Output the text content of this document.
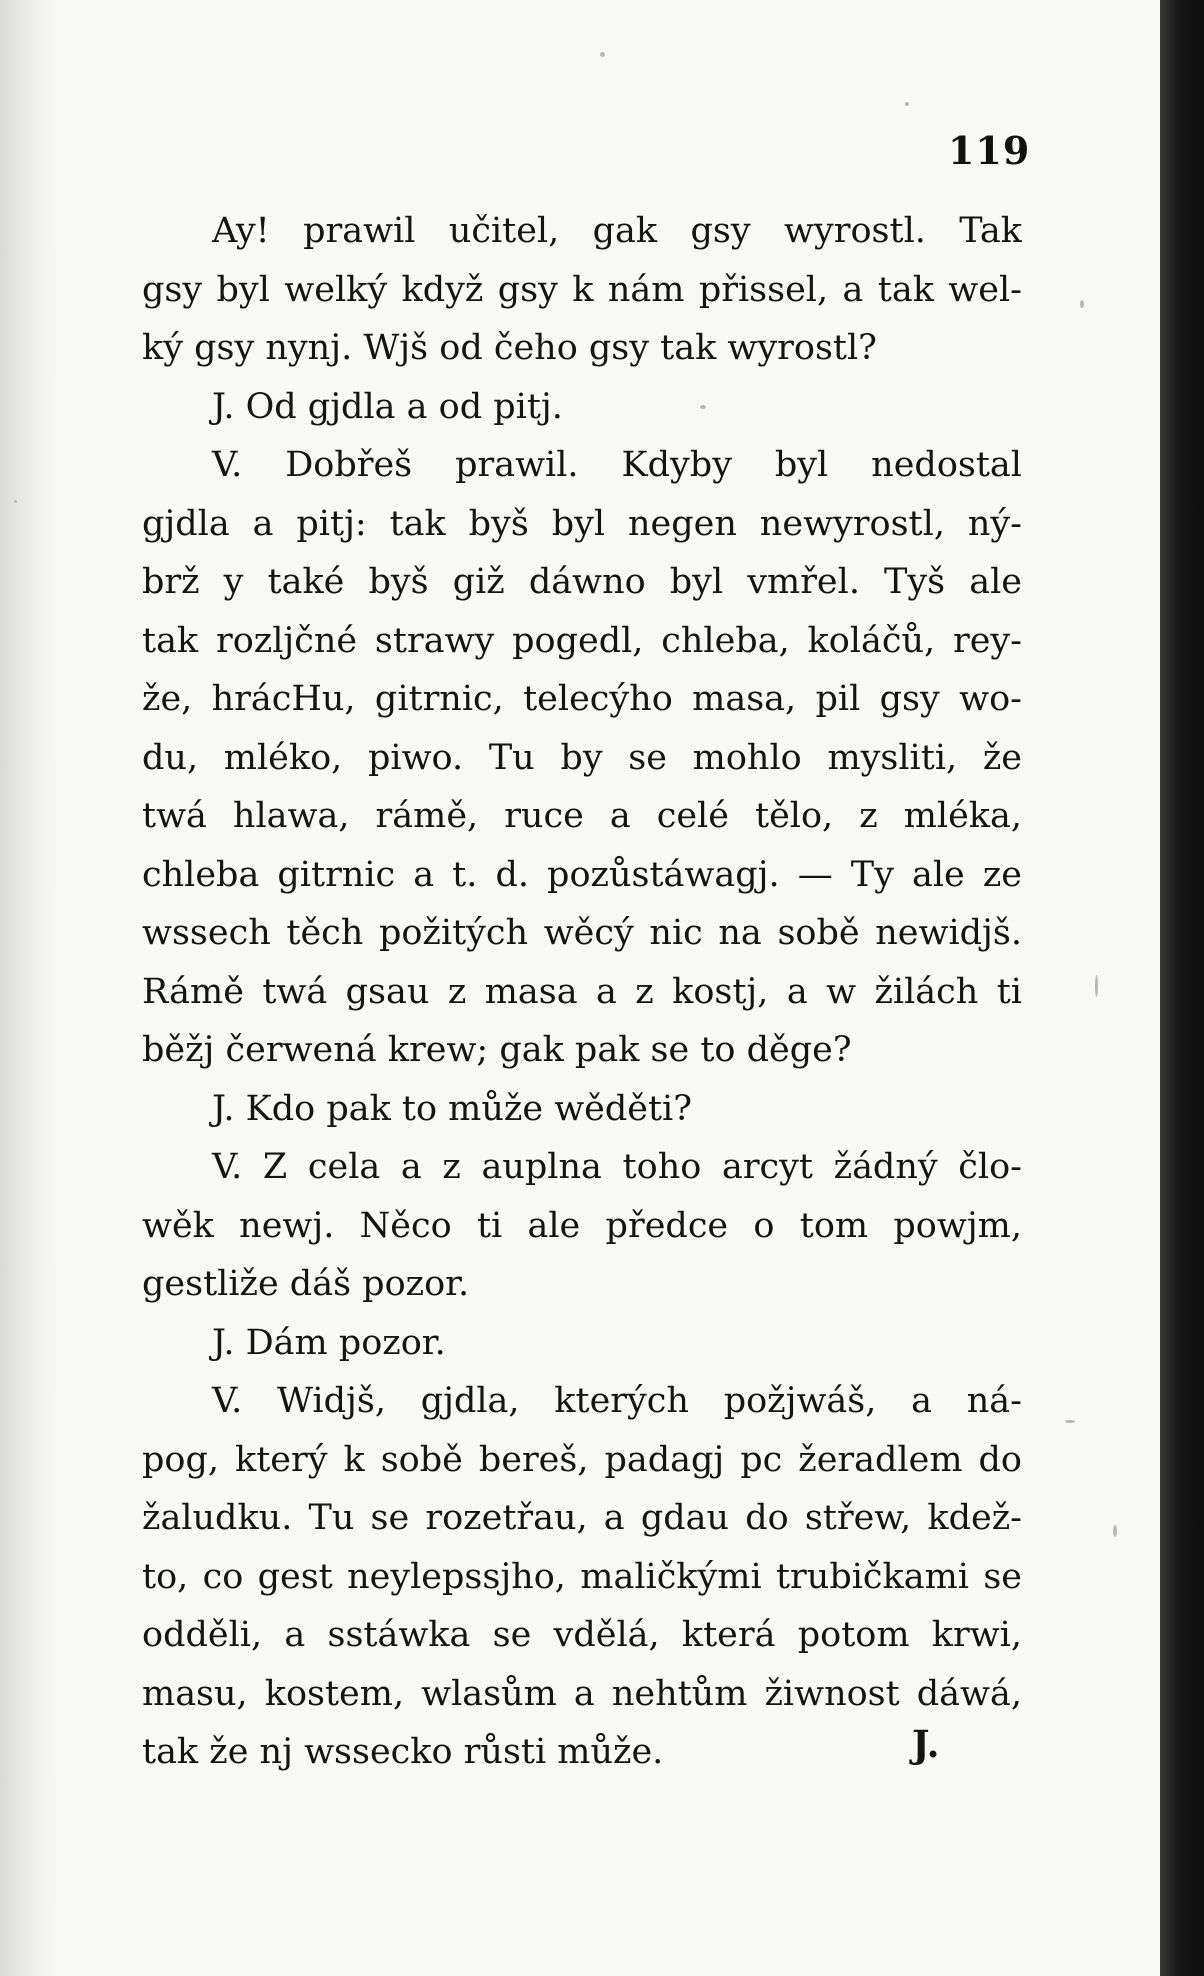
119
Ay! prawil učitel, gak gsy wyrostl. Tak
gsy byl welký když gsy k nám přissel, a tak wel-
ký gsy nynj. Wjš od čeho gsy tak wyrostl?
J. Od gjdla a od pitj.
V. Dobřeš prawil. Kdyby byl nedostal
gjdla a pitj: tak byš byl negen newyrostl, ný-
brž y také byš giž dáwno byl vmřel. Tyš ale
tak rozljčné strawy pogedl, chleba, koláčů, rey-
že, hrácHu, gitrnic, telecýho masa, pil gsy wo-
du, mléko, piwo. Tu by se mohlo mysliti, že
twá hlawa, rámě, ruce a celé tělo, z mléka,
chleba gitrnic a t. d. pozůstáwagj. — Ty ale ze
wssech těch požitých wěcý nic na sobě newidjš.
Rámě twá gsau z masa a z kostj, a w žilách ti
běžj čerwená krew; gak pak se to děge?
J. Kdo pak to může wěděti?
V. Z cela a z auplna toho arcyt žádný člo-
wěk newj. Něco ti ale předce o tom powjm,
gestliže dáš pozor.
J. Dám pozor.
V. Widjš, gjdla, kterých požjwáš, a ná-
pog, který k sobě bereš, padagj pc žeradlem do
žaludku. Tu se rozetřau, a gdau do střew, kdež-
to, co gest neylepssjho, maličkými trubičkami se
odděli, a sstáwka se vdělá, která potom krwi,
masu, kostem, wlasům a nehtům žiwnost dáwá,
tak že nj wssecko růsti může.	J.
